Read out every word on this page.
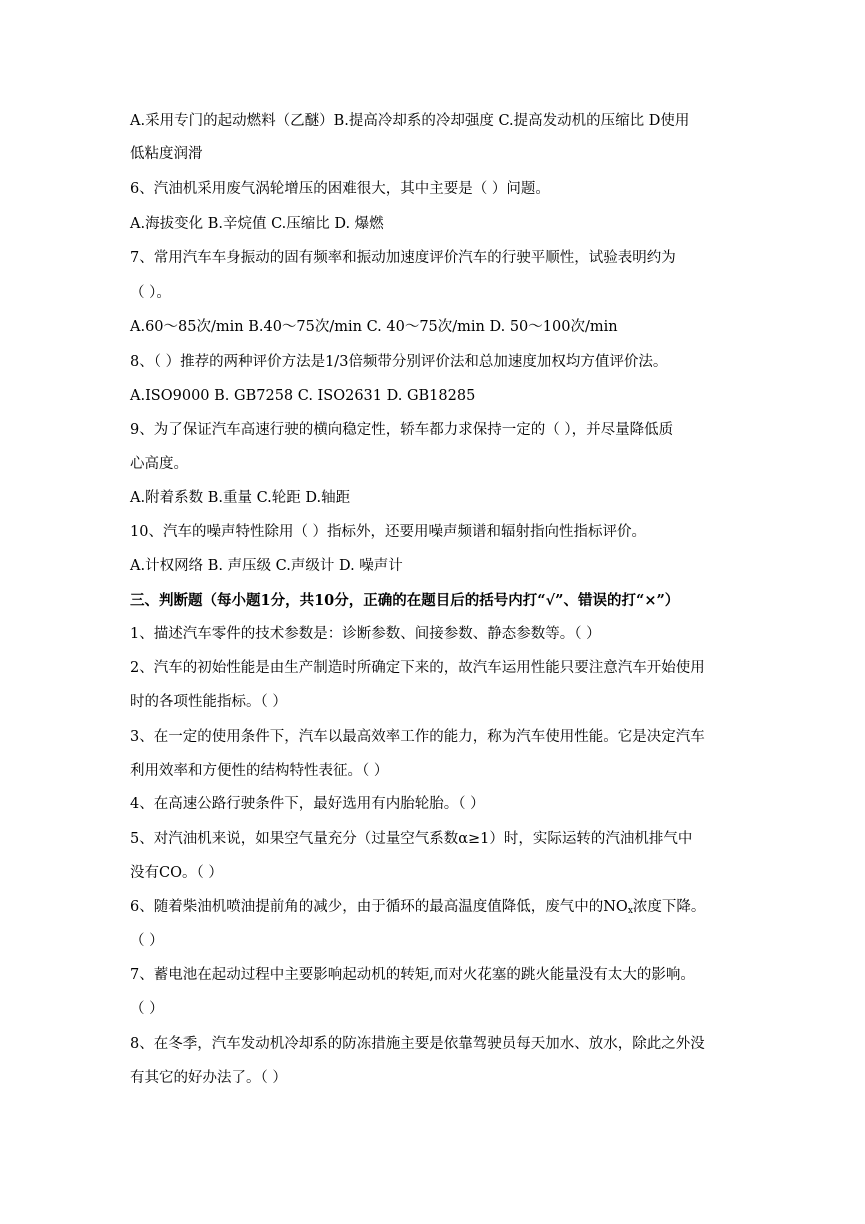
A.采用专门的起动燃料（乙醚）B.提高冷却系的冷却强度 C.提高发动机的压缩比 D使用
低粘度润滑
6、汽油机采用废气涡轮增压的困难很大，其中主要是（ ）问题。
A.海拔变化 B.辛烷值 C.压缩比 D. 爆燃
7、常用汽车车身振动的固有频率和振动加速度评价汽车的行驶平顺性，试验表明约为
（ ）。
A.60～85次/min B.40～75次/min C. 40～75次/min D. 50～100次/min
8、（ ）推荐的两种评价方法是1/3倍频带分别评价法和总加速度加权均方值评价法。
A.ISO9000 B. GB7258 C. ISO2631 D. GB18285
9、为了保证汽车高速行驶的横向稳定性，轿车都力求保持一定的（ ），并尽量降低质
心高度。
A.附着系数 B.重量 C.轮距 D.轴距
10、汽车的噪声特性除用（ ）指标外，还要用噪声频谱和辐射指向性指标评价。
A.计权网络 B. 声压级 C.声级计 D. 噪声计
三、判断题（每小题1分，共10分，正确的在题目后的括号内打“√”、错误的打“×”）
1、描述汽车零件的技术参数是：诊断参数、间接参数、静态参数等。（ ）
2、汽车的初始性能是由生产制造时所确定下来的，故汽车运用性能只要注意汽车开始使用
时的各项性能指标。（ ）
3、在一定的使用条件下，汽车以最高效率工作的能力，称为汽车使用性能。它是决定汽车
利用效率和方便性的结构特性表征。（ ）
4、在高速公路行驶条件下，最好选用有内胎轮胎。（ ）
5、对汽油机来说，如果空气量充分（过量空气系数α≥1）时，实际运转的汽油机排气中
没有CO。（ ）
6、随着柴油机喷油提前角的减少，由于循环的最高温度值降低，废气中的$NO_x$浓度下降。
（ ）
7、蓄电池在起动过程中主要影响起动机的转矩,而对火花塞的跳火能量没有太大的影响。
（ ）
8、在冬季，汽车发动机冷却系的防冻措施主要是依靠驾驶员每天加水、放水，除此之外没
有其它的好办法了。（ ）
